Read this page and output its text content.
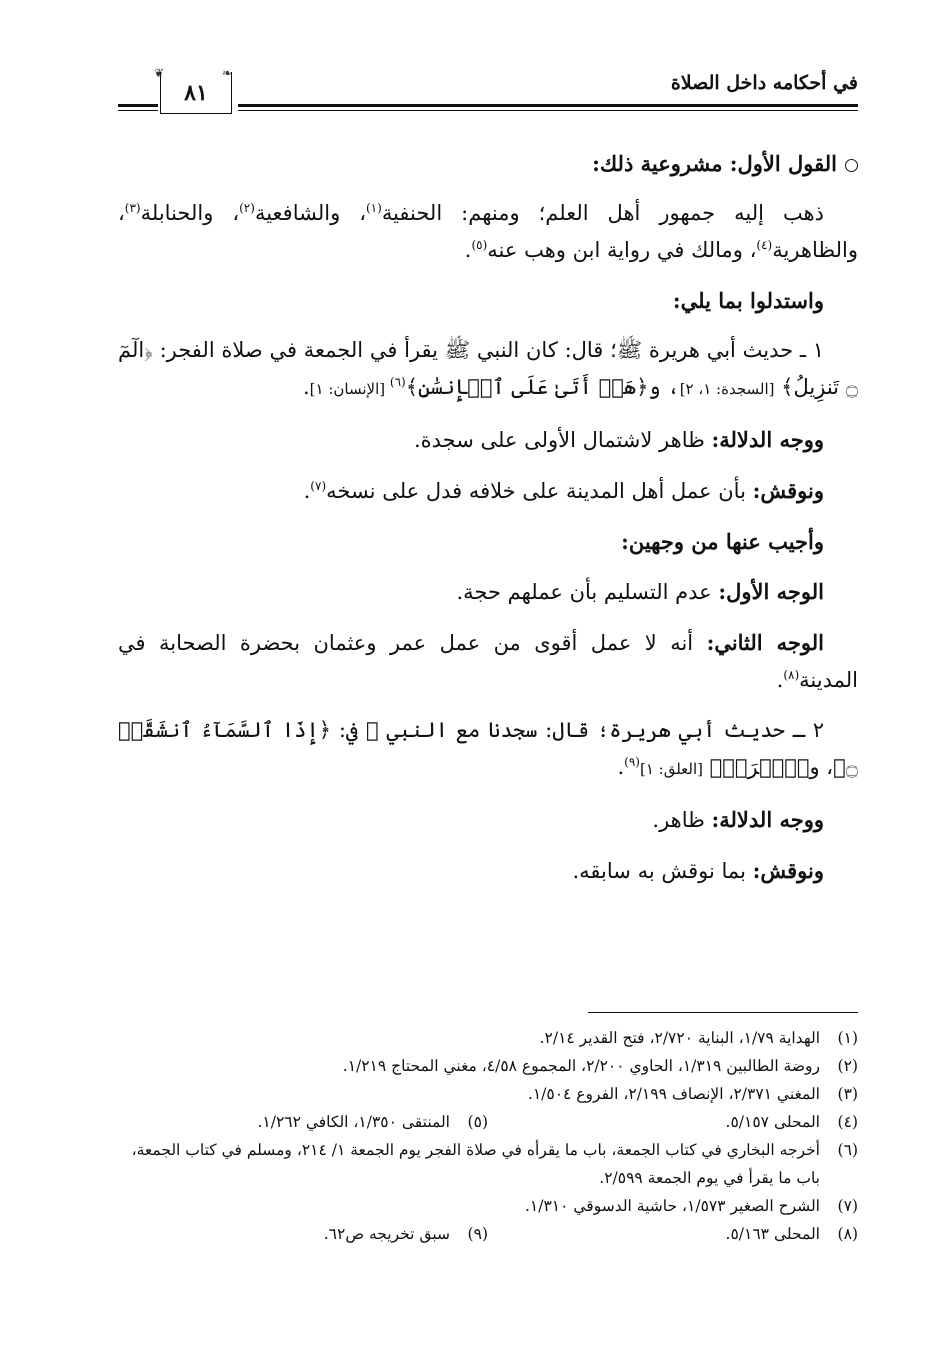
في أحكامه داخل الصلاة
❦	❧
٨١

القول الأول: مشروعية ذلك:

ذهب إليه جمهور أهل العلم؛ ومنهم: الحنفية$^{(١)}$، والشافعية$^{(٢)}$، والحنابلة$^{(٣)}$، والظاهرية$^{(٤)}$، ومالك في رواية ابن وهب عنه$^{(٥)}$.

واستدلوا بما يلي:

١ ـ حديث أبي هريرة ﷺ؛ قال: كان النبي ﷺ يقرأ في الجمعة في صلاة الفجر: ﴿الٓمٓ ۝ تَنزِيلُ﴾ [السجدة: ١، ٢]، و﴿هَلۡ أَتَىٰ عَلَى ٱلۡإِنسَٰنِ﴾$^{(٦)}$ [الإنسان: ١].

ووجه الدلالة: ظاهر لاشتمال الأولى على سجدة.

ونوقش: بأن عمل أهل المدينة على خلافه فدل على نسخه$^{(٧)}$.

وأجيب عنها من وجهين:

الوجه الأول: عدم التسليم بأن عملهم حجة.

الوجه الثاني: أنه لا عمل أقوى من عمل عمر وعثمان بحضرة الصحابة في المدينة$^{(٨)}$.

٢ ـ حديث أبي هريرة؛ قال: سجدنا مع النبي ﷺ في: ﴿إِذَا ٱلسَّمَآءُ ٱنشَقَّتۡ ۝﴾، و﴿ٱقۡرَأۡ﴾ [العلق: ١]$^{(٩)}$.

ووجه الدلالة: ظاهر.

ونوقش: بما نوقش به سابقه.

(١)
الهداية ١/٧٩، البناية ٢/٧٢٠، فتح القدير ٢/١٤.
(٢)
روضة الطالبين ١/٣١٩، الحاوي ٢/٢٠٠، المجموع ٤/٥٨، مغني المحتاج ١/٢١٩.
(٣)
المغني ٢/٣٧١، الإنصاف ٢/١٩٩، الفروع ١/٥٠٤.
(٤)
المحلى ٥/١٥٧.
(٥)
المنتقى ١/٣٥٠، الكافي ١/٢٦٢.
(٦)
أخرجه البخاري في كتاب الجمعة، باب ما يقرأه في صلاة الفجر يوم الجمعة ١/ ٢١٤، ومسلم في كتاب الجمعة، باب ما يقرأ في يوم الجمعة ٢/٥٩٩.
(٧)
الشرح الصغير ١/٥٧٣، حاشية الدسوقي ١/٣١٠.
(٨)
المحلى ٥/١٦٣.
(٩)
سبق تخريجه ص٦٢.
